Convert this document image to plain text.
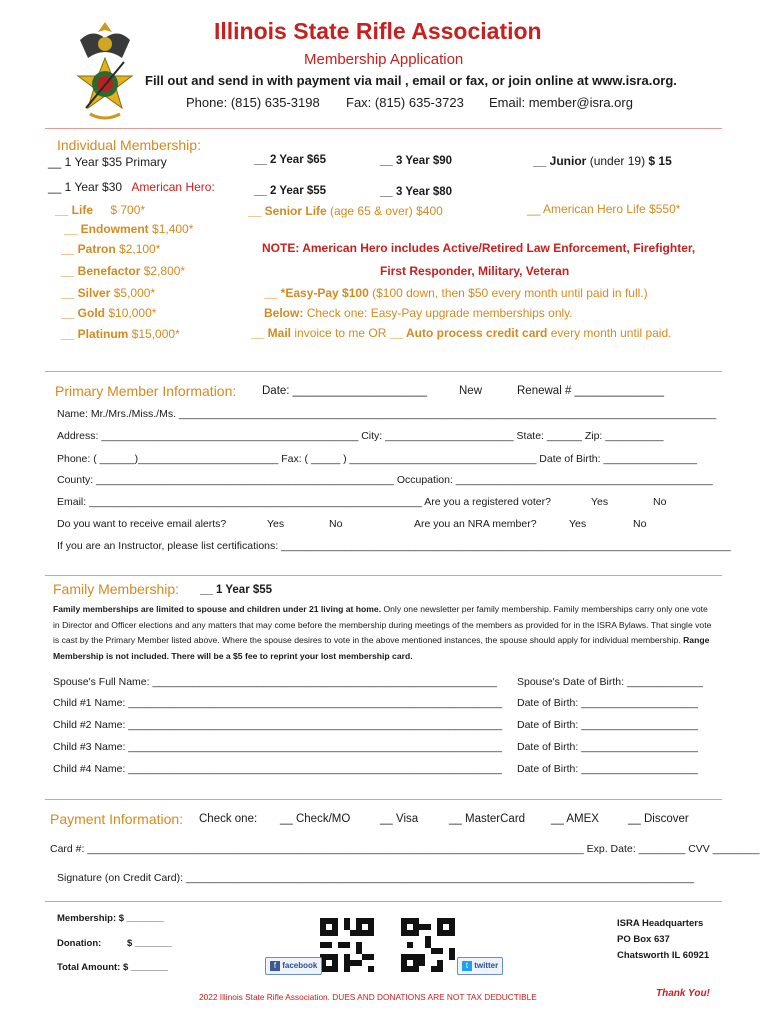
Illinois State Rifle Association
Membership Application
Fill out and send in with payment via mail , email or fax, or join online at www.isra.org.
Phone: (815) 635-3198 Fax: (815) 635-3723 Email: member@isra.org
Individual Membership:
__ 1 Year $35 Primary	__ 2 Year $65	__ 3 Year $90	__ Junior (under 19) $ 15
__ 1 Year $30 American Hero:	__ 2 Year $55	__ 3 Year $80
__ Life $ 700*	__ Senior Life (age 65 & over) $400	__ American Hero Life $550*
__ Endowment $1,400*
__ Patron $2,100*	NOTE: American Hero includes Active/Retired Law Enforcement, Firefighter,
__ Benefactor $2,800*	First Responder, Military, Veteran
__ Silver $5,000*	__ *Easy-Pay $100 ($100 down, then $50 every month until paid in full.)
__ Gold $10,000*	Below: Check one: Easy-Pay upgrade memberships only.
__ Platinum $15,000*	__ Mail invoice to me OR __ Auto process credit card every month until paid.
Primary Member Information: Date: _____________________	New	Renewal # ______________
Name: Mr./Mrs./Miss./Ms. ____________________________________________________________________________________________
Address: ____________________________________________ City: ______________________ State: ______ Zip: __________
Phone: ( ______)________________________ Fax: ( _____ ) ________________________________ Date of Birth: ________________
County: ___________________________________________________ Occupation: ____________________________________________
Email: _________________________________________________________ Are you a registered voter?	Yes	No
Do you want to receive email alerts?	Yes	No	Are you an NRA member?	Yes	No
If you are an Instructor, please list certifications: _____________________________________________________________________________
Family Membership: __ 1 Year $55
Family memberships are limited to spouse and children under 21 living at home. Only one newsletter per family membership. Family memberships carry only one vote in Director and Officer elections and any matters that may come before the membership during meetings of the members as provided for in the ISRA Bylaws. That single vote is cast by the Primary Member listed above. Where the spouse desires to vote in the above mentioned instances, the spouse should apply for individual membership. Range Membership is not included. There will be a $5 fee to reprint your lost membership card.
Spouse's Full Name: ___________________________________________________________ Spouse's Date of Birth: _____________
Child #1 Name: ________________________________________________________________ Date of Birth: ____________________
Child #2 Name: ________________________________________________________________ Date of Birth: ____________________
Child #3 Name: ________________________________________________________________ Date of Birth: ____________________
Child #4 Name: ________________________________________________________________ Date of Birth: ____________________
Payment Information: Check one: __ Check/MO	__ Visa	__ MasterCard __ AMEX	__ Discover
Card #: _____________________________________________________________________________________ Exp. Date: ________ CVV ________
Signature (on Credit Card): _______________________________________________________________________________________
Membership: $ _______
Donation:	$ _______
Total Amount: $ _______	f facebook	t twitter
ISRA Headquarters
PO Box 637
Chatsworth IL 60921
2022 Illinois State Rifle Association. DUES AND DONATIONS ARE NOT TAX DEDUCTIBLE	Thank You!
